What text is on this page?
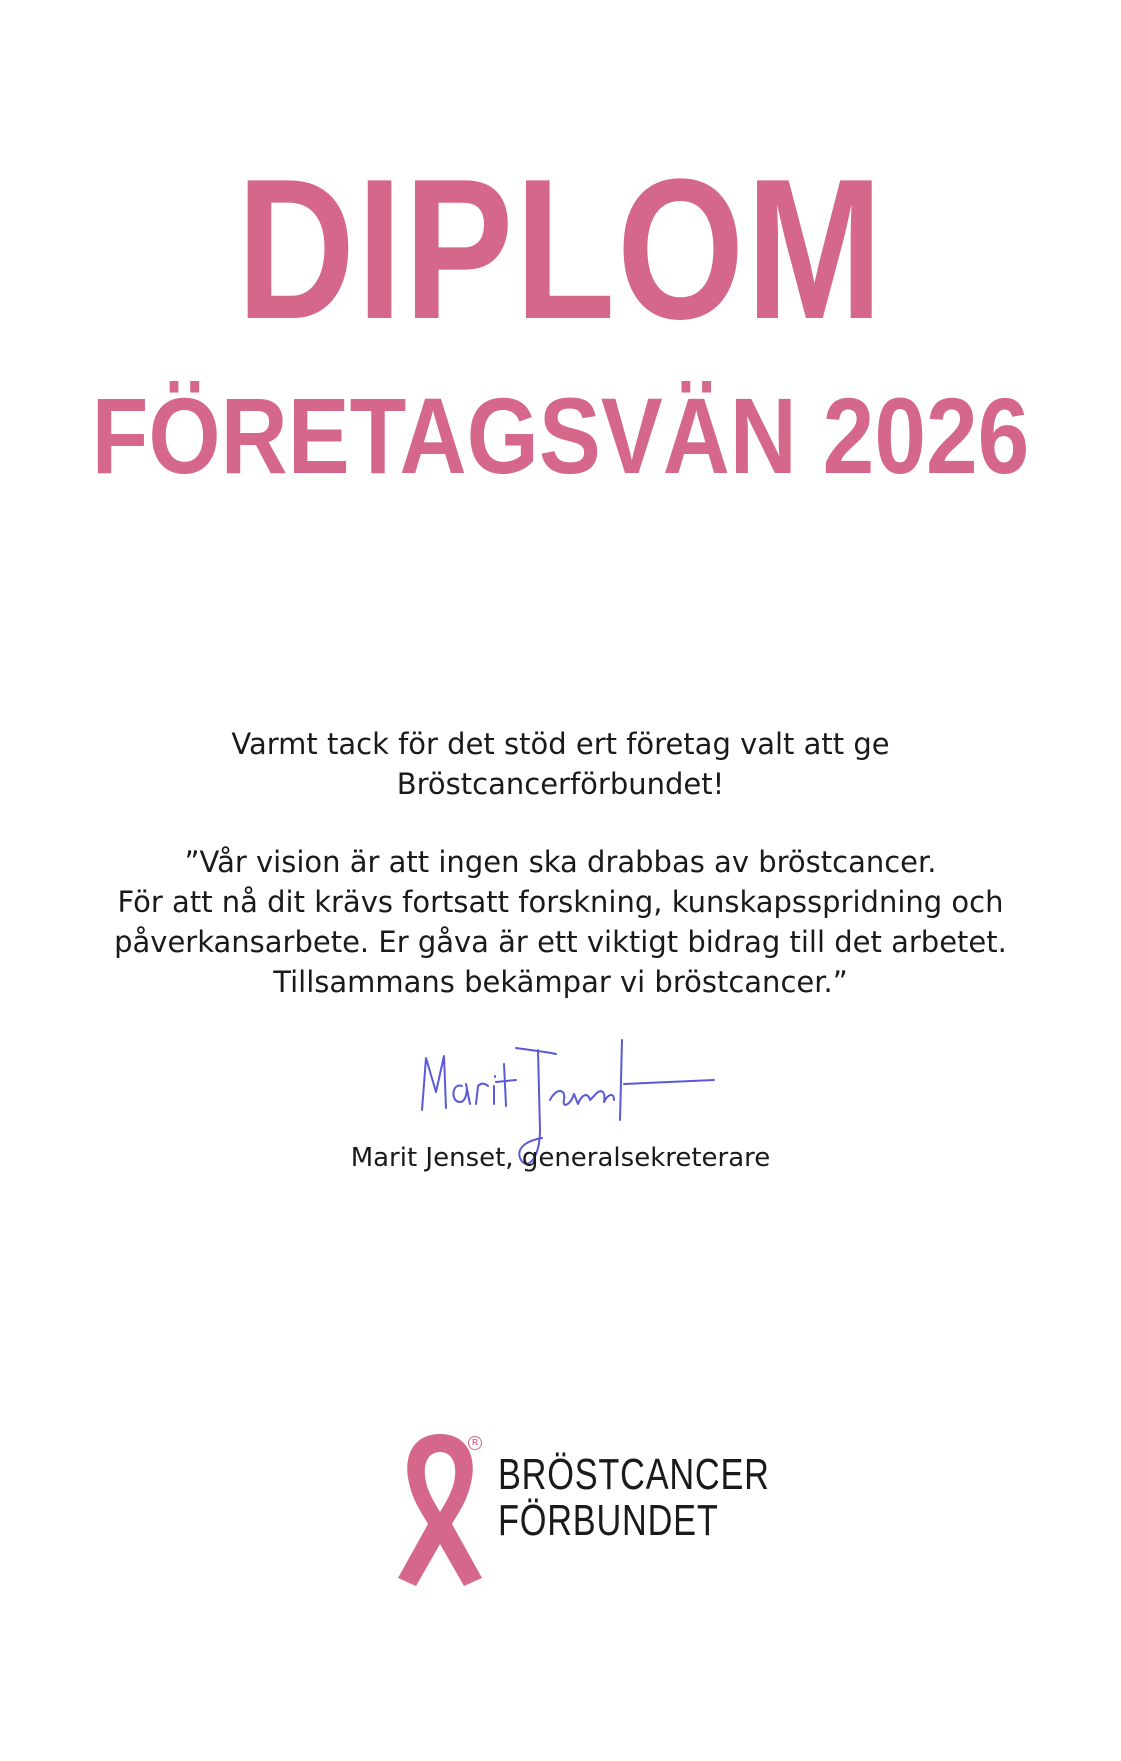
DIPLOM
FÖRETAGSVÄN 2026
Varmt tack för det stöd ert företag valt att ge
Bröstcancerförbundet!
”Vår vision är att ingen ska drabbas av bröstcancer.
För att nå dit krävs fortsatt forskning, kunskapsspridning och
påverkansarbete. Er gåva är ett viktigt bidrag till det arbetet.
Tillsammans bekämpar vi bröstcancer.”
Marit Jenset, generalsekreterare
R
BRÖSTCANCER
FÖRBUNDET
